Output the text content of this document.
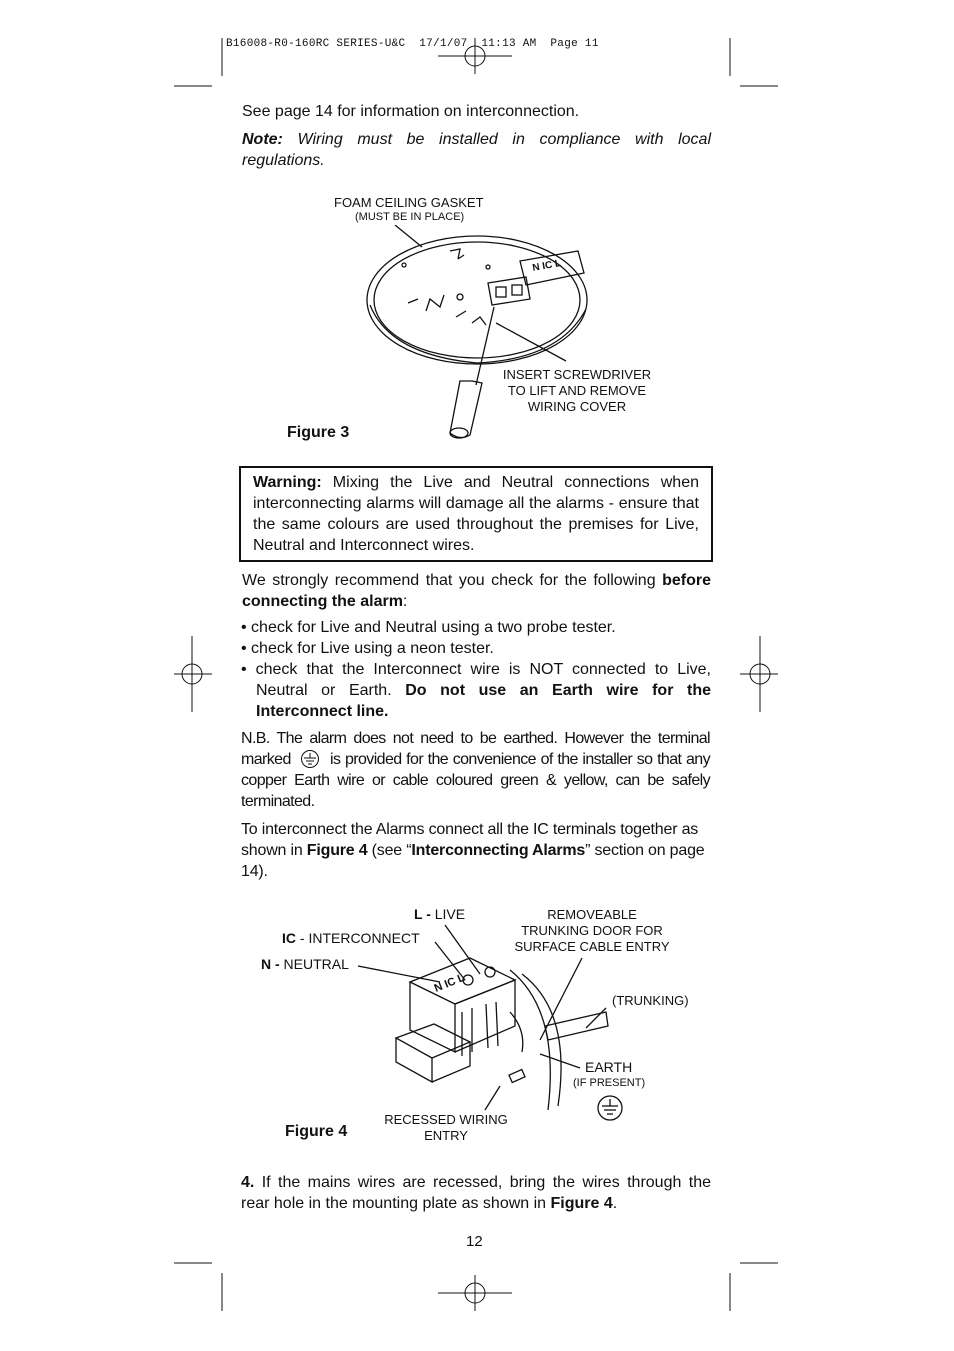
B16008-R0-160RC SERIES-U&C 17/1/07 11:13 AM Page 11
See page 14 for information on interconnection.
Note: Wiring must be installed in compliance with local regulations.
FOAM CEILING GASKET
(MUST BE IN PLACE)
N IC L
INSERT SCREWDRIVER
TO LIFT AND REMOVE
WIRING COVER
Figure 3
Warning: Mixing the Live and Neutral connections when interconnecting alarms will damage all the alarms - ensure that the same colours are used throughout the premises for Live, Neutral and Interconnect wires.
We strongly recommend that you check for the following before connecting the alarm:
• check for Live and Neutral using a two probe tester.
• check for Live using a neon tester.
• check that the Interconnect wire is NOT connected to Live, Neutral or Earth. Do not use an Earth wire for the Interconnect line.
N.B. The alarm does not need to be earthed. However the terminal marked  is provided for the convenience of the installer so that any copper Earth wire or cable coloured green & yellow, can be safely terminated.
To interconnect the Alarms connect all the IC terminals together as shown in Figure 4 (see “Interconnecting Alarms” section on page 14).
L - LIVE
IC - INTERCONNECT
N - NEUTRAL
REMOVEABLE
TRUNKING DOOR FOR
SURFACE CABLE ENTRY
(TRUNKING)
EARTH
(IF PRESENT)
RECESSED WIRING
ENTRY
Figure 4
N IC L
4. If the mains wires are recessed, bring the wires through the rear hole in the mounting plate as shown in Figure 4.
12
